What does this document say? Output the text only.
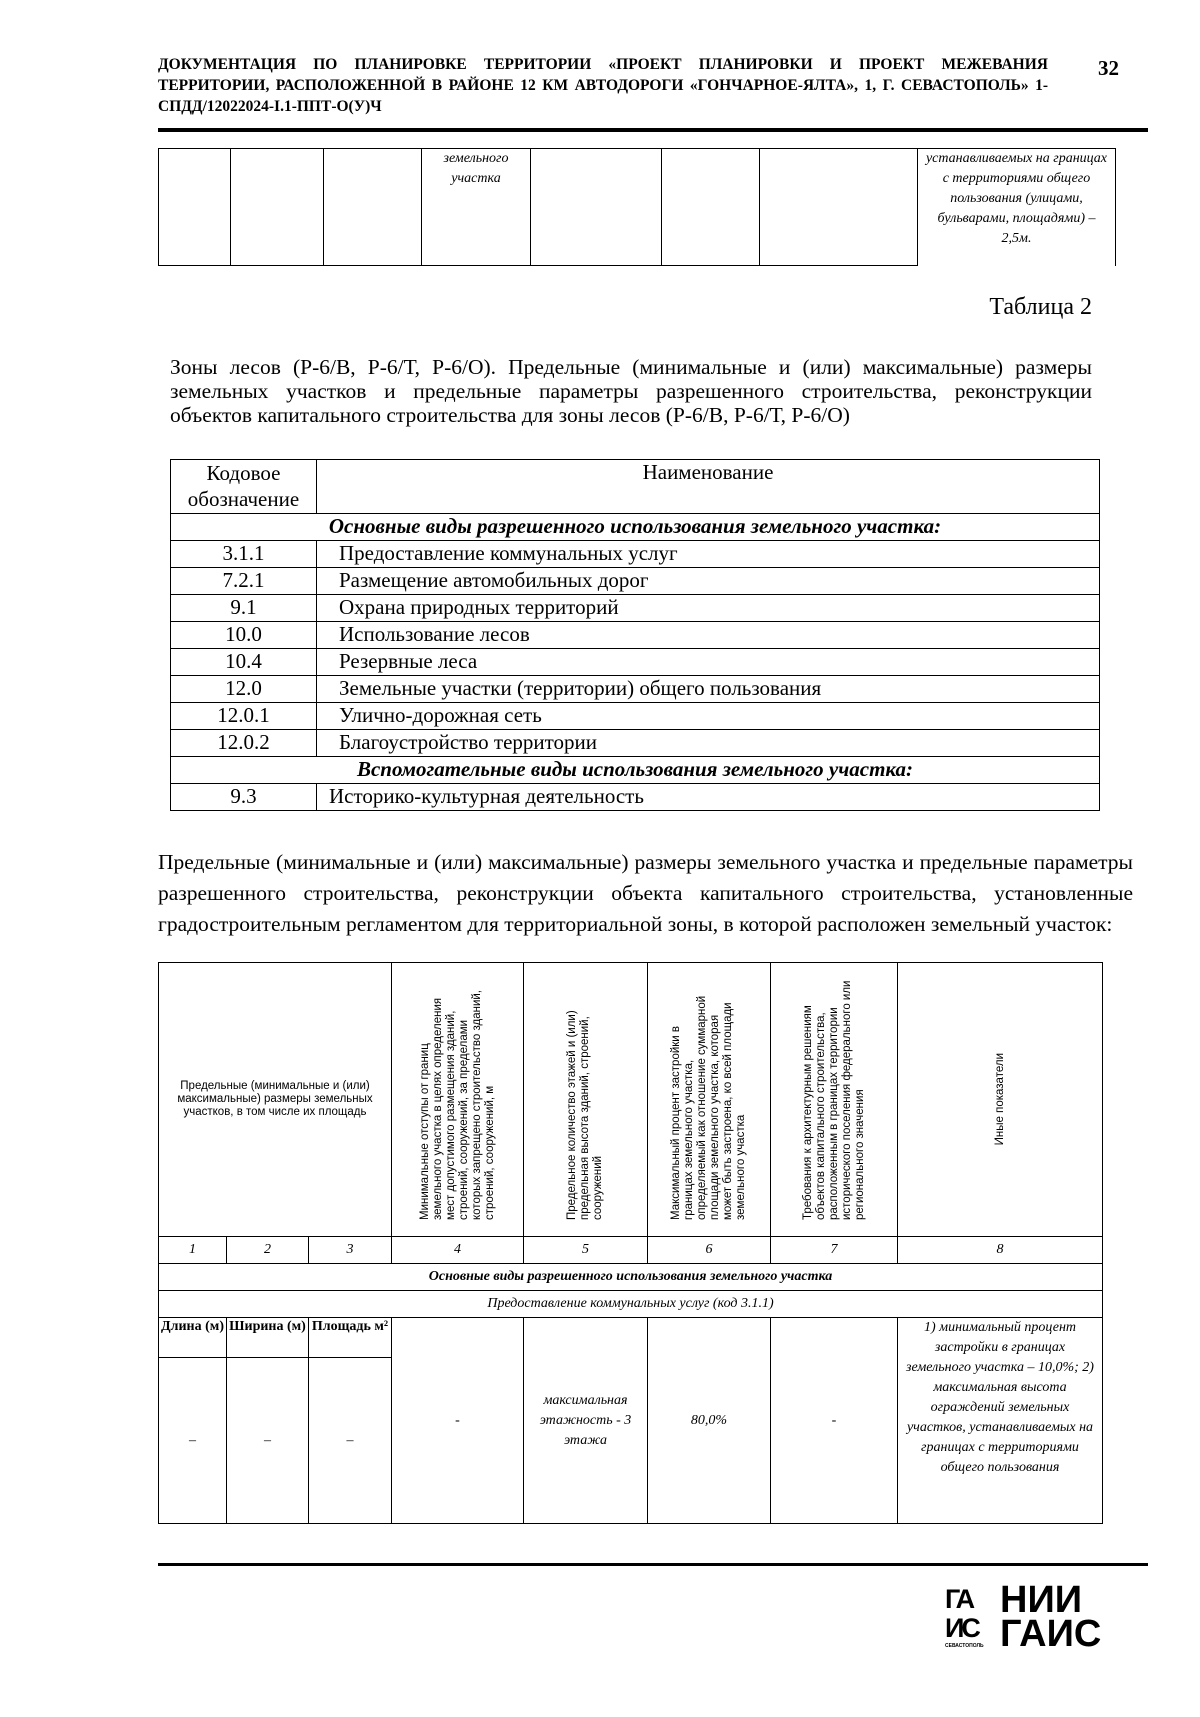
ДОКУМЕНТАЦИЯ ПО ПЛАНИРОВКЕ ТЕРРИТОРИИ «ПРОЕКТ ПЛАНИРОВКИ И ПРОЕКТ МЕЖЕВАНИЯ ТЕРРИТОРИИ, РАСПОЛОЖЕННОЙ В РАЙОНЕ 12 КМ АВТОДОРОГИ «ГОНЧАРНОЕ-ЯЛТА», 1, Г. СЕВАСТОПОЛЬ» 1-СПДД/12022024-I.1-ППТ-О(У)Ч
32
			земельного участка				устанавливаемых на границах с территориями общего пользования (улицами, бульварами, площадями) – 2,5м.
Таблица 2
Зоны лесов (Р-6/В, Р-6/Т, Р-6/О). Предельные (минимальные и (или) максимальные) размеры земельных участков и предельные параметры разрешенного строительства, реконструкции объектов капитального строительства для зоны лесов (Р-6/В, Р-6/Т, Р-6/О)
Кодовое обозначение	Наименование
Основные виды разрешенного использования земельного участка:	
3.1.1	Предоставление коммунальных услуг
7.2.1	Размещение автомобильных дорог
9.1	Охрана природных территорий
10.0	Использование лесов
10.4	Резервные леса
12.0	Земельные участки (территории) общего пользования
12.0.1	Улично-дорожная сеть
12.0.2	Благоустройство территории
Вспомогательные виды использования земельного участка:	
9.3	Историко-культурная деятельность
Предельные (минимальные и (или) максимальные) размеры земельного участка и предельные параметры разрешенного строительства, реконструкции объекта капитального строительства, установленные градостроительным регламентом для территориальной зоны, в которой расположен земельный участок:
Предельные (минимальные и (или) максимальные) размеры земельных участков, в том числе их площадь			Минимальные отступы от границ земельного участка в целях определения мест допустимого размещения зданий, строений, сооружений, за пределами которых запрещено строительство зданий, строений, сооружений, м	Предельное количество этажей и (или) предельная высота зданий, строений, сооружений	Максимальный процент застройки в границах земельного участка, определяемый как отношение суммарной площади земельного участка, которая может быть застроена, ко всей площади земельного участка	Требования к архитектурным решениям объектов капитального строительства, расположенным в границах территории исторического поселения федерального или регионального значения	Иные показатели

1	2	3	4	5	6	7	8
Основные виды разрешенного использования земельного участка							
Предоставление коммунальных услуг (код 3.1.1)							
Длина (м)	Ширина (м)	Площадь м²	-	максимальная этажность - 3 этажа	80,0%	-	1) минимальный процент застройки в границах земельного участка – 10,0%; 2) максимальная высота ограждений земельных участков, устанавливаемых на границах с территориями общего пользования
–	–	–					
ГА
ИС
СЕВАСТОПОЛЬ
НИИ
ГАИС
